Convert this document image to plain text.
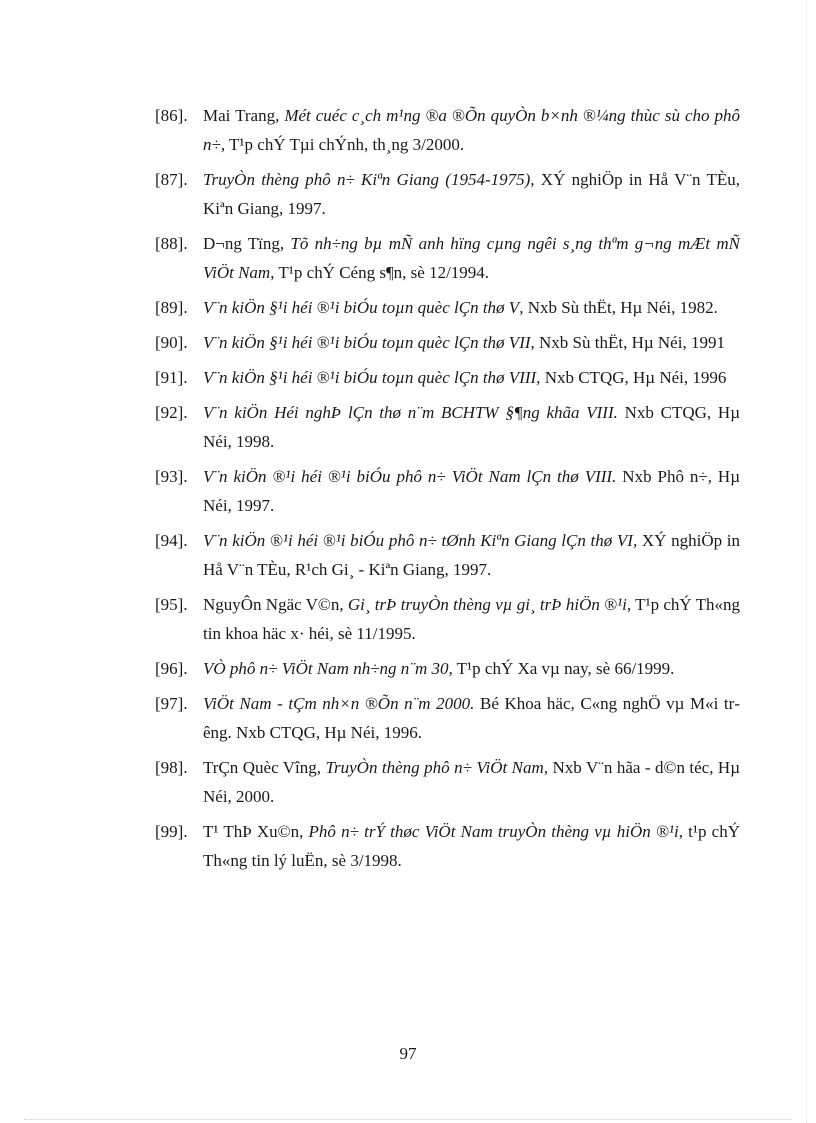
[86]. Mai Trang, Mét cuéc c¸ch m¹ng ®a ®Õn quyÒn b×nh ®¼ng thùc sù cho phô n÷, T¹p chÝ Tµi chÝnh, th¸ng 3/2000.
[87]. TruyÒn thèng phô n÷ Kiªn Giang (1954-1975), XÝ nghiÖp in Hå V¨n TÈu, Kiªn Giang, 1997.
[88]. D¬ng Tïng, Tõ nh÷ng bµ mÑ anh hïng cµng ngêi s¸ng thªm g¬ng mÆt mÑ ViÖt Nam, T¹p chÝ Céng s¶n, sè 12/1994.
[89]. V¨n kiÖn §¹i héi ®¹i biÓu toµn quèc lÇn thø V, Nxb Sù thËt, Hµ Néi, 1982.
[90]. V¨n kiÖn §¹i héi ®¹i biÓu toµn quèc lÇn thø VII, Nxb Sù thËt, Hµ Néi, 1991
[91]. V¨n kiÖn §¹i héi ®¹i biÓu toµn quèc lÇn thø VIII, Nxb CTQG, Hµ Néi, 1996
[92]. V¨n kiÖn Héi nghÞ lÇn thø n¨m BCHTW §¶ng khãa VIII. Nxb CTQG, Hµ Néi, 1998.
[93]. V¨n kiÖn ®¹i héi ®¹i biÓu phô n÷ ViÖt Nam lÇn thø VIII. Nxb Phô n÷, Hµ Néi, 1997.
[94]. V¨n kiÖn ®¹i héi ®¹i biÓu phô n÷ tØnh Kiªn Giang lÇn thø VI, XÝ nghiÖp in Hå V¨n TÈu, R¹ch Gi¸ - Kiªn Giang, 1997.
[95]. NguyÔn Ngäc V©n, Gi¸ trÞ truyÒn thèng vµ gi¸ trÞ hiÖn ®¹i, T¹p chÝ Th«ng tin khoa häc x· héi, sè 11/1995.
[96]. VÒ phô n÷ ViÖt Nam nh÷ng n¨m 30, T¹p chÝ Xa vµ nay, sè 66/1999.
[97]. ViÖt Nam - tÇm nh×n ®Õn n¨m 2000. Bé Khoa häc, C«ng nghÖ vµ M«i trêng. Nxb CTQG, Hµ Néi, 1996.
[98]. TrÇn Quèc Vîng, TruyÒn thèng phô n÷ ViÖt Nam, Nxb V¨n hãa - d©n téc, Hµ Néi, 2000.
[99]. T¹ ThÞ Xu©n, Phô n÷ trÝ thøc ViÖt Nam truyÒn thèng vµ hiÖn ®¹i, t¹p chÝ Th«ng tin lý luËn, sè 3/1998.
97
